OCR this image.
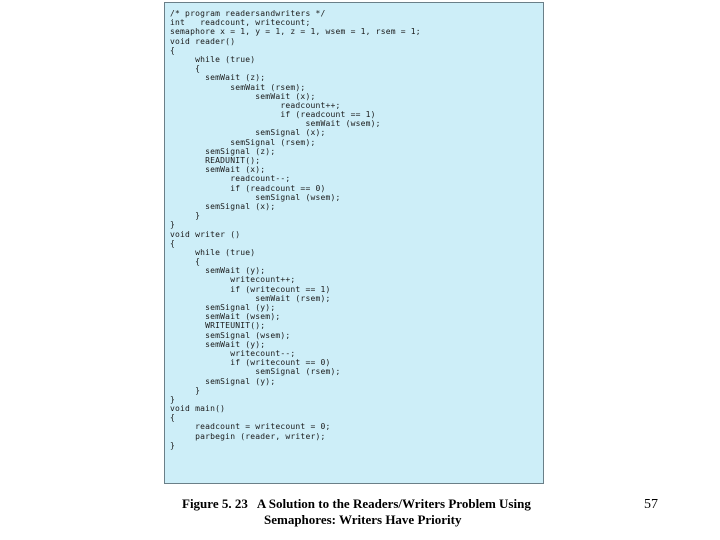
/* program readersandwriters */
int   readcount, writecount;
semaphore x = 1, y = 1, z = 1, wsem = 1, rsem = 1;
void reader()
{
while (true)
{
semWait (z);
semWait (rsem);
semWait (x);
readcount++;
if (readcount == 1)
semWait (wsem);
semSignal (x);
semSignal (rsem);
semSignal (z);
READUNIT();
semWait (x);
readcount--;
if (readcount == 0)
semSignal (wsem);
semSignal (x);
}
}
void writer ()
{
while (true)
{
semWait (y);
writecount++;
if (writecount == 1)
semWait (rsem);
semSignal (y);
semWait (wsem);
WRITEUNIT();
semSignal (wsem);
semWait (y);
writecount--;
if (writecount == 0)
semSignal (rsem);
semSignal (y);
}
}
void main()
{
readcount = writecount = 0;
parbegin (reader, writer);
}
Figure 5. 23   A Solution to the Readers/Writers Problem Using
Semaphores: Writers Have Priority
57
